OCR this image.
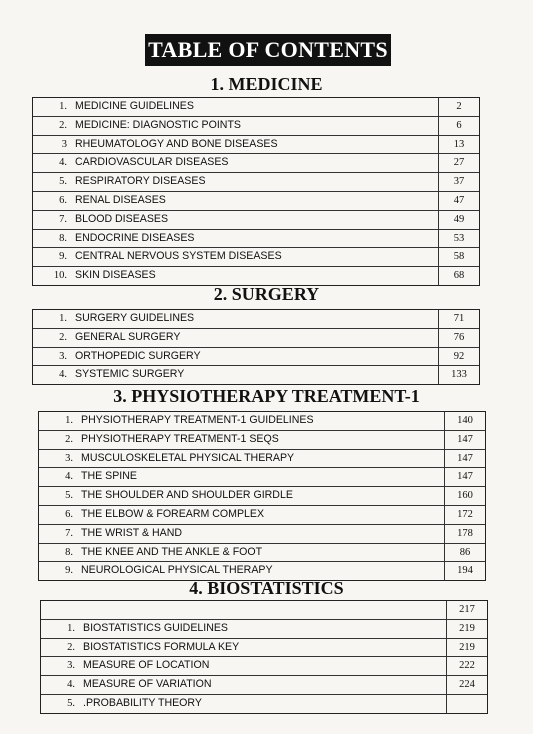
TABLE OF CONTENTS
1. MEDICINE
1. MEDICINE GUIDELINES	2
2. MEDICINE: DIAGNOSTIC POINTS	6
3 RHEUMATOLOGY AND BONE DISEASES	13
4. CARDIOVASCULAR DISEASES	27
5. RESPIRATORY DISEASES	37
6. RENAL DISEASES	47
7. BLOOD DISEASES	49
8. ENDOCRINE DISEASES	53
9. CENTRAL NERVOUS SYSTEM DISEASES	58
10. SKIN DISEASES	68
2. SURGERY
1. SURGERY GUIDELINES	71
2. GENERAL SURGERY	76
3. ORTHOPEDIC SURGERY	92
4. SYSTEMIC SURGERY	133
3. PHYSIOTHERAPY TREATMENT-1
1. PHYSIOTHERAPY TREATMENT-1 GUIDELINES	140
2. PHYSIOTHERAPY TREATMENT-1 SEQS	147
3. MUSCULOSKELETAL PHYSICAL THERAPY	147
4. THE SPINE	147
5. THE SHOULDER AND SHOULDER GIRDLE	160
6. THE ELBOW & FOREARM COMPLEX	172
7. THE WRIST & HAND	178
8. THE KNEE AND THE ANKLE & FOOT	86
9. NEUROLOGICAL PHYSICAL THERAPY	194
4. BIOSTATISTICS
217
1. BIOSTATISTICS GUIDELINES	219
2. BIOSTATISTICS FORMULA KEY	219
3. MEASURE OF LOCATION	222
4. MEASURE OF VARIATION	224
5. .PROBABILITY THEORY
